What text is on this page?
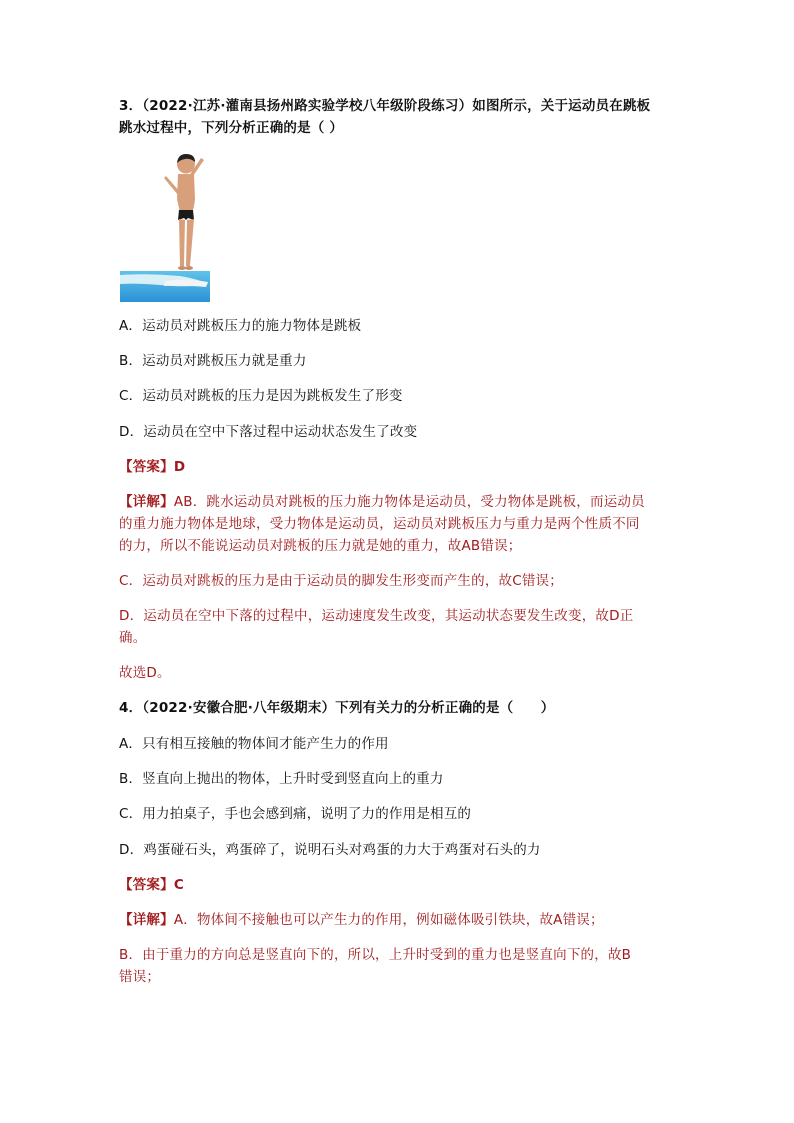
3．（2022·江苏·灌南县扬州路实验学校八年级阶段练习）如图所示，关于运动员在跳板
跳水过程中，下列分析正确的是（ ）
A．运动员对跳板压力的施力物体是跳板
B．运动员对跳板压力就是重力
C．运动员对跳板的压力是因为跳板发生了形变
D．运动员在空中下落过程中运动状态发生了改变
【答案】D
【详解】AB．跳水运动员对跳板的压力施力物体是运动员，受力物体是跳板，而运动员
的重力施力物体是地球，受力物体是运动员，运动员对跳板压力与重力是两个性质不同
的力，所以不能说运动员对跳板的压力就是她的重力，故AB错误；
C．运动员对跳板的压力是由于运动员的脚发生形变而产生的，故C错误；
D．运动员在空中下落的过程中，运动速度发生改变，其运动状态要发生改变，故D正
确。
故选D。
4．（2022·安徽合肥·八年级期末）下列有关力的分析正确的是（　　）
A．只有相互接触的物体间才能产生力的作用
B．竖直向上抛出的物体，上升时受到竖直向上的重力
C．用力拍桌子，手也会感到痛，说明了力的作用是相互的
D．鸡蛋碰石头，鸡蛋碎了，说明石头对鸡蛋的力大于鸡蛋对石头的力
【答案】C
【详解】A．物体间不接触也可以产生力的作用，例如磁体吸引铁块，故A错误；
B．由于重力的方向总是竖直向下的，所以，上升时受到的重力也是竖直向下的，故B
错误；
